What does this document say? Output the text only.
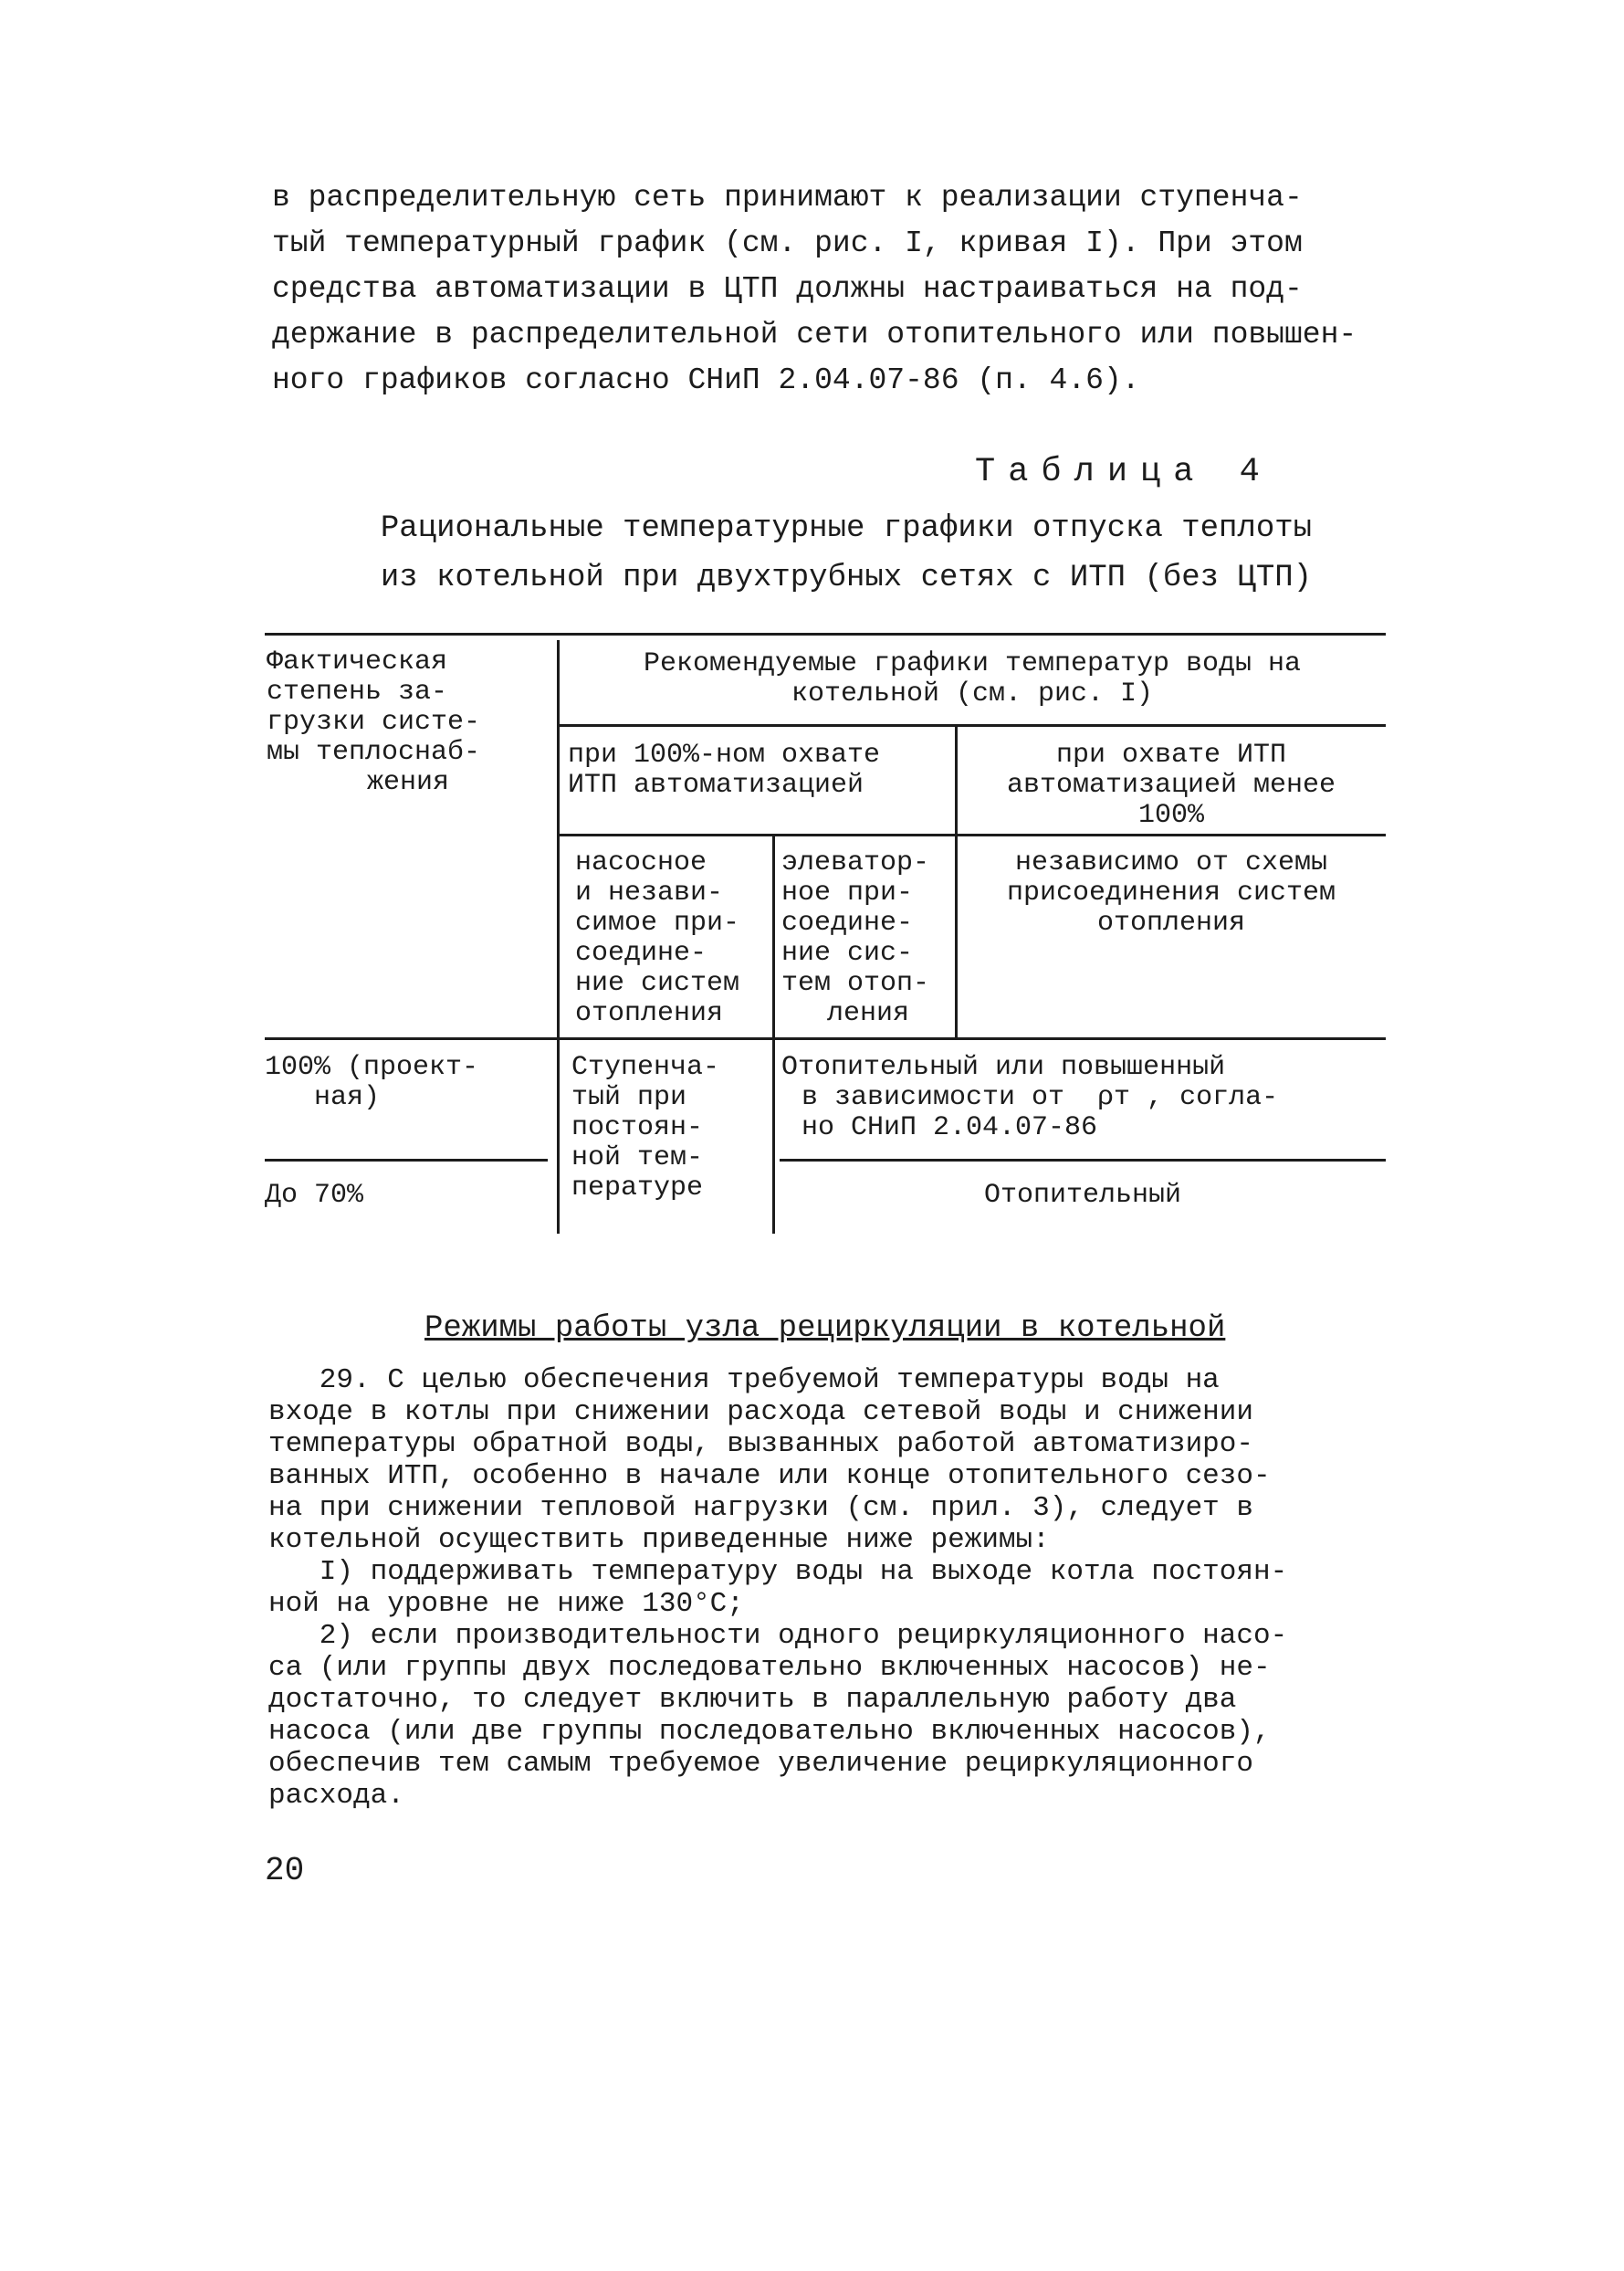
в распределительную сеть принимают к реализации ступенча-
тый температурный график (см. рис. I, кривая I). При этом
средства автоматизации в ЦТП должны настраиваться на под-
держание в распределительной сети отопительного или повышен-
ного графиков согласно СНиП 2.04.07-86 (п. 4.6).
Таблица 4
Рациональные температурные графики отпуска теплоты
из котельной при двухтрубных сетях с ИТП (без ЦТП)
Фактическая
степень за-
грузки систе-
мы теплоснаб-
жения
Рекомендуемые графики температур воды на
котельной (см. рис. I)
при 100%-ном охвате
ИТП автоматизацией
при охвате ИТП
автоматизацией менее
100%
насосное
и незави-
симое при-
соедине-
ние систем
отопления
элеватор-
ное при-
соедине-
ние сис-
тем отоп-
ления
независимо от схемы
присоединения систем
отопления
100% (проект-
ная)
Ступенча-
тый при
постоян-
ной тем-
пературе
Отопительный или повышенный
в зависимости от  ρт , согла-
но СНиП 2.04.07-86
До 70%	Отопительный
Режимы работы узла рециркуляции в котельной
29. С целью обеспечения требуемой температуры воды на
входе в котлы при снижении расхода сетевой воды и снижении
температуры обратной воды, вызванных работой автоматизиро-
ванных ИТП, особенно в начале или конце отопительного сезо-
на при снижении тепловой нагрузки (см. прил. 3), следует в
котельной осуществить приведенные ниже режимы:
I) поддерживать температуру воды на выходе котла постоян-
ной на уровне не ниже 130°С;
2) если производительности одного рециркуляционного насо-
са (или группы двух последовательно включенных насосов) не-
достаточно, то следует включить в параллельную работу два
насоса (или две группы последовательно включенных насосов),
обеспечив тем самым требуемое увеличение рециркуляционного
расхода.
20
